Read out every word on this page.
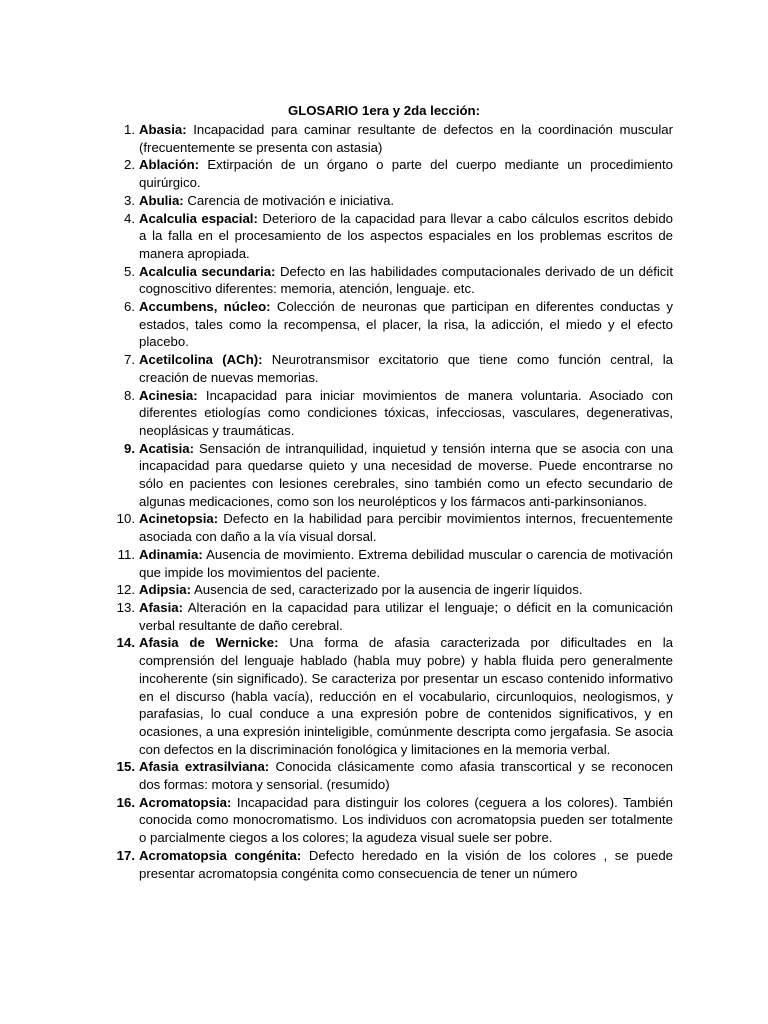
GLOSARIO 1era y 2da lección:

1. Abasia: Incapacidad para caminar resultante de defectos en la coordinación muscular (frecuentemente se presenta con astasia)
2. Ablación: Extirpación de un órgano o parte del cuerpo mediante un procedimiento quirúrgico.
3. Abulia: Carencia de motivación e iniciativa.
4. Acalculia espacial: Deterioro de la capacidad para llevar a cabo cálculos escritos debido a la falla en el procesamiento de los aspectos espaciales en los problemas escritos de manera apropiada.
5. Acalculia secundaria: Defecto en las habilidades computacionales derivado de un déficit cognoscitivo diferentes: memoria, atención, lenguaje. etc.
6. Accumbens, núcleo: Colección de neuronas que participan en diferentes conductas y estados, tales como la recompensa, el placer, la risa, la adicción, el miedo y el efecto placebo.
7. Acetilcolina (ACh): Neurotransmisor excitatorio que tiene como función central, la creación de nuevas memorias.
8. Acinesia: Incapacidad para iniciar movimientos de manera voluntaria. Asociado con diferentes etiologías como condiciones tóxicas, infecciosas, vasculares, degenerativas, neoplásicas y traumáticas.
9. Acatisia: Sensación de intranquilidad, inquietud y tensión interna que se asocia con una incapacidad para quedarse quieto y una necesidad de moverse. Puede encontrarse no sólo en pacientes con lesiones cerebrales, sino también como un efecto secundario de algunas medicaciones, como son los neurolépticos y los fármacos anti-parkinsonianos.
10. Acinetopsia: Defecto en la habilidad para percibir movimientos internos, frecuentemente asociada con daño a la vía visual dorsal.
11. Adinamia: Ausencia de movimiento. Extrema debilidad muscular o carencia de motivación que impide los movimientos del paciente.
12. Adipsia: Ausencia de sed, caracterizado por la ausencia de ingerir líquidos.
13. Afasia: Alteración en la capacidad para utilizar el lenguaje; o déficit en la comunicación verbal resultante de daño cerebral.
14. Afasia de Wernicke: Una forma de afasia caracterizada por dificultades en la comprensión del lenguaje hablado (habla muy pobre) y habla fluida pero generalmente incoherente (sin significado). Se caracteriza por presentar un escaso contenido informativo en el discurso (habla vacía), reducción en el vocabulario, circunloquios, neologismos, y parafasias, lo cual conduce a una expresión pobre de contenidos significativos, y en ocasiones, a una expresión ininteligible, comúnmente descripta como jergafasia. Se asocia con defectos en la discriminación fonológica y limitaciones en la memoria verbal.
15. Afasia extrasilviana: Conocida clásicamente como afasia transcortical y se reconocen dos formas: motora y sensorial. (resumido)
16. Acromatopsia: Incapacidad para distinguir los colores (ceguera a los colores). También conocida como monocromatismo. Los individuos con acromatopsia pueden ser totalmente o parcialmente ciegos a los colores; la agudeza visual suele ser pobre.
17. Acromatopsia congénita: Defecto heredado en la visión de los colores , se puede presentar acromatopsia congénita como consecuencia de tener un número
